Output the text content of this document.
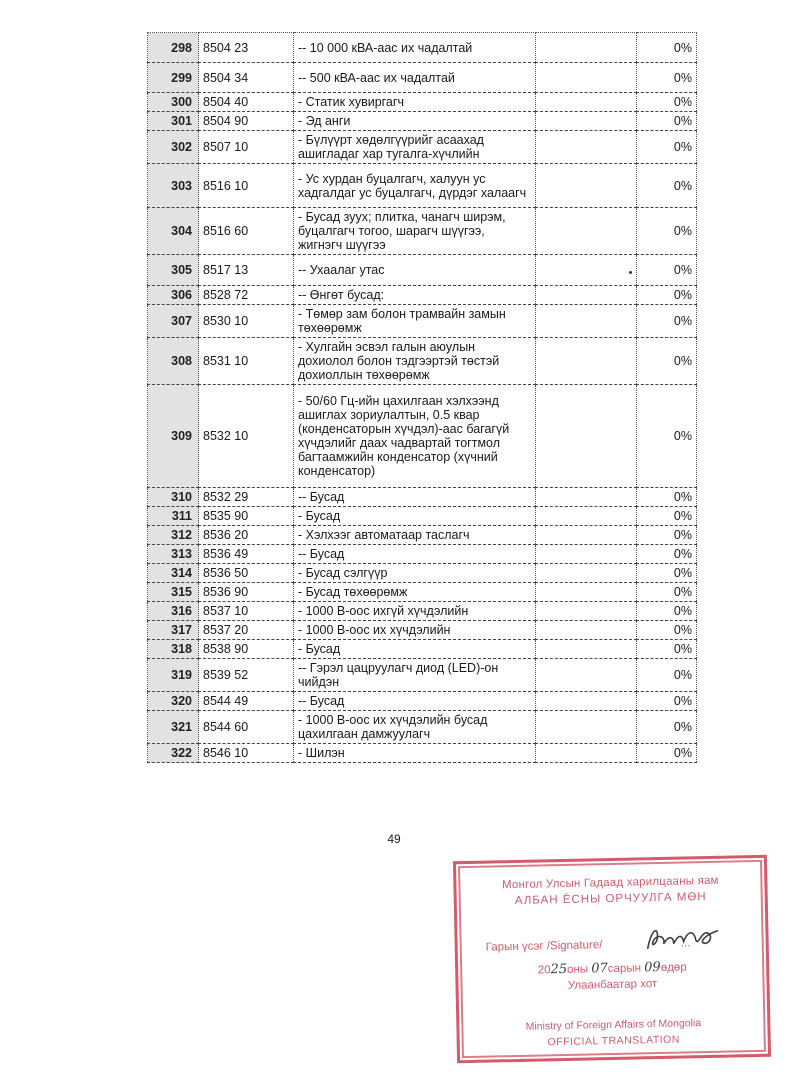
298	8504 23	-- 10 000 кВА-аас их чадалтай		0%
299	8504 34	-- 500 кВА-аас их чадалтай		0%
300	8504 40	- Статик хувиргагч		0%
301	8504 90	- Эд анги		0%
302	8507 10	- Бүлүүрт хөдөлгүүрийг асаахад ашигладаг хар тугалга-хүчлийн		0%
303	8516 10	- Ус хурдан буцалгагч, халуун ус хадгалдаг ус буцалгагч, дүрдэг халаагч		0%
304	8516 60	- Бусад зуух; плитка, чанагч ширэм, буцалгагч тогоо, шарагч шүүгээ, жигнэгч шүүгээ		0%
305	8517 13	-- Ухаалаг утас		0%
306	8528 72	-- Өнгөт бусад:		0%
307	8530 10	- Төмөр зам болон трамвайн замын төхөөрөмж		0%
308	8531 10	- Хулгайн эсвэл галын аюулын дохиолол болон тэдгээртэй төстэй дохиоллын төхөөрөмж		0%
309	8532 10	- 50/60 Гц-ийн цахилгаан хэлхээнд ашиглах зориулалтын, 0.5 квар (конденсаторын хүчдэл)-аас багагүй хүчдэлийг даах чадвартай тогтмол багтаамжийн конденсатор (хүчний конденсатор)		0%
310	8532 29	-- Бусад		0%
311	8535 90	- Бусад		0%
312	8536 20	- Хэлхээг автоматаар таслагч		0%
313	8536 49	-- Бусад		0%
314	8536 50	- Бусад сэлгүүр		0%
315	8536 90	- Бусад төхөөрөмж		0%
316	8537 10	- 1000 В-оос ихгүй хүчдэлийн		0%
317	8537 20	- 1000 В-оос их хүчдэлийн		0%
318	8538 90	- Бусад		0%
319	8539 52	-- Гэрэл цацруулагч диод (LED)-он чийдэн		0%
320	8544 49	-- Бусад		0%
321	8544 60	- 1000 В-оос их хүчдэлийн бусад цахилгаан дамжуулагч		0%
322	8546 10	- Шилэн		0%
49
Монгол Улсын Гадаад харилцааны яам
АЛБАН ЁСНЫ ОРЧУУЛГА МӨН
Гарын үсэг /Signature/	...
2025оны 07сарын 09өдөр
Улаанбаатар хот
Ministry of Foreign Affairs of Mongolia
OFFICIAL TRANSLATION
